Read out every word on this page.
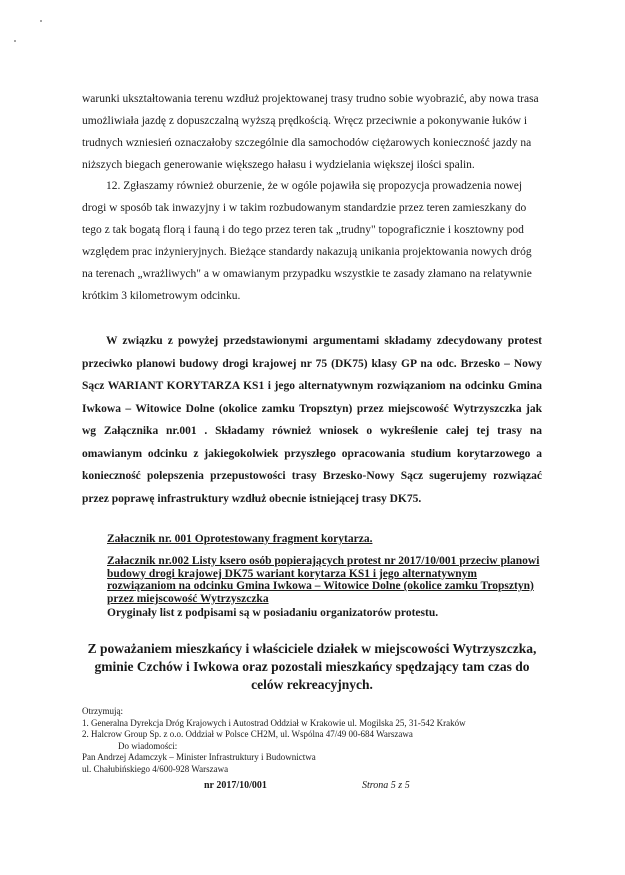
warunki ukształtowania terenu wzdłuż projektowanej trasy trudno sobie wyobrazić, aby nowa trasa umożliwiała jazdę z dopuszczalną wyższą prędkością. Wręcz przeciwnie a pokonywanie łuków i trudnych wzniesień oznaczałoby szczególnie dla samochodów ciężarowych konieczność jazdy na niższych biegach generowanie większego hałasu i wydzielania większej ilości spalin.
12. Zgłaszamy również oburzenie, że w ogóle pojawiła się propozycja prowadzenia nowej drogi w sposób tak inwazyjny i w takim rozbudowanym standardzie przez teren zamieszkany do tego z tak bogatą florą i fauną i do tego przez teren tak „trudny" topograficznie i kosztowny pod względem prac inżynieryjnych. Bieżące standardy nakazują unikania projektowania nowych dróg na terenach „wrażliwych" a w omawianym przypadku wszystkie te zasady złamano na relatywnie krótkim 3 kilometrowym odcinku.
W związku z powyżej przedstawionymi argumentami składamy zdecydowany protest przeciwko planowi budowy drogi krajowej nr 75 (DK75) klasy GP na odc. Brzesko – Nowy Sącz WARIANT KORYTARZA KS1 i jego alternatywnym rozwiązaniom na odcinku Gmina Iwkowa – Witowice Dolne (okolice zamku Tropsztyn) przez miejscowość Wytrzyszczka jak wg Załącznika nr.001 . Składamy również wniosek o wykreślenie całej tej trasy na omawianym odcinku z jakiegokolwiek przyszłego opracowania studium korytarzowego a konieczność polepszenia przepustowości trasy Brzesko-Nowy Sącz sugerujemy rozwiązać przez poprawę infrastruktury wzdłuż obecnie istniejącej trasy DK75.
Załacznik nr. 001 Oprotestowany fragment korytarza.
Załacznik nr.002 Listy ksero osób popierających protest nr 2017/10/001 przeciw planowi budowy drogi krajowej DK75 wariant korytarza KS1 i jego alternatywnym rozwiązaniom na odcinku Gmina Iwkowa – Witowice Dolne (okolice zamku Tropsztyn) przez miejscowość Wytrzyszczka
Oryginały list z podpisami są w posiadaniu organizatorów protestu.
Z poważaniem mieszkańcy i właściciele działek w miejscowości Wytrzyszczka, gminie Czchów i Iwkowa oraz pozostali mieszkańcy spędzający tam czas do celów rekreacyjnych.
Otrzymują:
1. Generalna Dyrekcja Dróg Krajowych i Autostrad Oddział w Krakowie ul. Mogilska 25, 31-542 Kraków
2. Halcrow Group Sp. z o.o. Oddział w Polsce CH2M, ul. Wspólna 47/49 00-684 Warszawa
Do wiadomości:
Pan Andrzej Adamczyk – Minister Infrastruktury i Budownictwa
ul. Chałubińskiego 4/600-928 Warszawa
nr 2017/10/001	Strona 5 z 5
